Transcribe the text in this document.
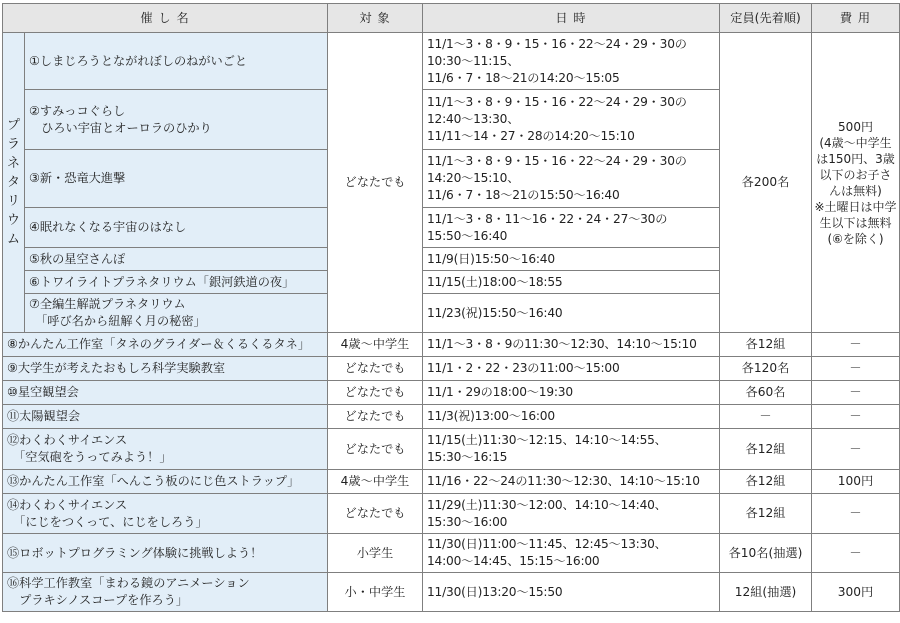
催 し 名		対 象	日 時	定員(先着順)	費 用
プラネタリウム	①しまじろうとながれぼしのねがいごと	どなたでも	11/1～3・8・9・15・16・22～24・29・30の
10:30～11:15、
11/6・7・18～21の14:20～15:05	各200名	500円
(4歳～中学生は150円、3歳以下のお子さんは無料)
※土曜日は中学生以下は無料(⑥を除く)
	②すみっコぐらし
　ひろい宇宙とオーロラのひかり		11/1～3・8・9・15・16・22～24・29・30の
12:40～13:30、
11/11～14・27・28の14:20～15:10		
	③新・恐竜大進撃		11/1～3・8・9・15・16・22～24・29・30の
14:20～15:10、
11/6・7・18～21の15:50～16:40		
	④眠れなくなる宇宙のはなし		11/1～3・8・11～16・22・24・27～30の
15:50～16:40		
	⑤秋の星空さんぽ		11/9(日)15:50～16:40		
	⑥トワイライトプラネタリウム「銀河鉄道の夜」		11/15(土)18:00～18:55		
	⑦全編生解説プラネタリウム
　「呼び名から紐解く月の秘密」		11/23(祝)15:50～16:40		
⑧かんたん工作室「タネのグライダー＆くるくるタネ」		4歳～中学生	11/1～3・8・9の11:30～12:30、14:10～15:10	各12組	－
⑨大学生が考えたおもしろ科学実験教室		どなたでも	11/1・2・22・23の11:00～15:00	各120名	－
⑩星空観望会		どなたでも	11/1・29の18:00～19:30	各60名	－
⑪太陽観望会		どなたでも	11/3(祝)13:00～16:00	－	－
⑫わくわくサイエンス
　「空気砲をうってみよう！」		どなたでも	11/15(土)11:30～12:15、14:10～14:55、
15:30～16:15	各12組	－
⑬かんたん工作室「へんこう板のにじ色ストラップ」		4歳～中学生	11/16・22～24の11:30～12:30、14:10～15:10	各12組	100円
⑭わくわくサイエンス
　「にじをつくって、にじをしろう」		どなたでも	11/29(土)11:30～12:00、14:10～14:40、
15:30～16:00	各12組	－
⑮ロボットプログラミング体験に挑戦しよう！		小学生	11/30(日)11:00～11:45、12:45～13:30、
14:00～14:45、15:15～16:00	各10名(抽選)	－
⑯科学工作教室「まわる鏡のアニメーション
　プラキシノスコープを作ろう」		小・中学生	11/30(日)13:20～15:50	12組(抽選)	300円
